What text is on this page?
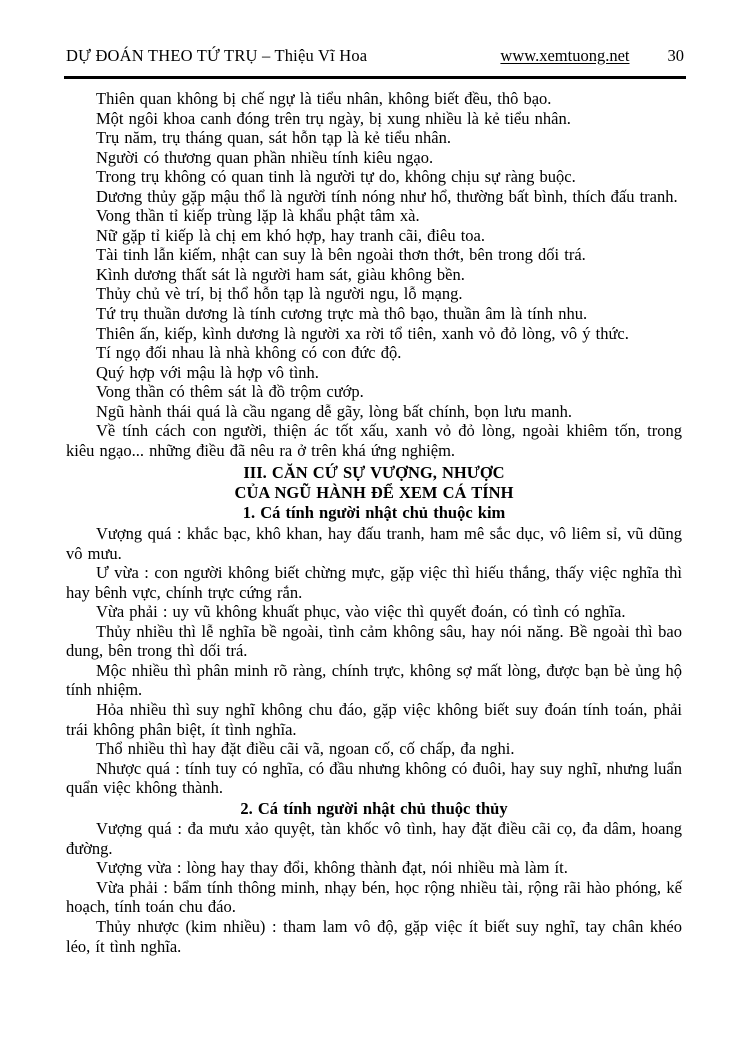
DỰ ĐOÁN THEO TỨ TRỤ – Thiệu Vĩ Hoa	www.xemtuong.net 30

Thiên quan không bị chế ngự là tiểu nhân, không biết đều, thô bạo.

Một ngôi khoa canh đóng trên trụ ngày, bị xung nhiều là kẻ tiểu nhân.

Trụ năm, trụ tháng quan, sát hỗn tạp là kẻ tiểu nhân.

Người có thương quan phần nhiều tính kiêu ngạo.

Trong trụ không có quan tinh là người tự do, không chịu sự ràng buộc.

Dương thủy gặp mậu thổ là người tính nóng như hổ, thường bất bình, thích đấu tranh.

Vong thần tỉ kiếp trùng lặp là khẩu phật tâm xà.

Nữ gặp tỉ kiếp là chị em khó hợp, hay tranh cãi, điêu toa.

Tài tinh lẫn kiếm, nhật can suy là bên ngoài thơn thớt, bên trong dối trá.

Kình dương thất sát là người ham sát, giàu không bền.

Thủy chủ vè trí, bị thổ hỗn tạp là người ngu, lỗ mạng.

Tứ trụ thuần dương là tính cương trực mà thô bạo, thuần âm là tính nhu.

Thiên ấn, kiếp, kình dương là người xa rời tổ tiên, xanh vỏ đỏ lòng, vô ý thức.

Tí ngọ đối nhau là nhà không có con đức độ.

Quý hợp với mậu là hợp vô tình.

Vong thần có thêm sát là đồ trộm cướp.

Ngũ hành thái quá là cầu ngang dễ gãy, lòng bất chính, bọn lưu manh.

Về tính cách con người, thiện ác tốt xấu, xanh vỏ đỏ lòng, ngoài khiêm tốn, trong kiêu ngạo... những điều đã nêu ra ở trên khá ứng nghiệm.

III. CĂN CỨ SỰ VƯỢNG, NHƯỢC

CỦA NGŨ HÀNH ĐỂ XEM CÁ TÍNH

1. Cá tính người nhật chủ thuộc kim

Vượng quá : khắc bạc, khô khan, hay đấu tranh, ham mê sắc dục, vô liêm sỉ, vũ dũng vô mưu.

Ư vừa : con người không biết chừng mực, gặp việc thì hiếu thắng, thấy việc nghĩa thì hay bênh vực, chính trực cứng rắn.

Vừa phải : uy vũ không khuất phục, vào việc thì quyết đoán, có tình có nghĩa.

Thủy nhiều thì lễ nghĩa bề ngoài, tình cảm không sâu, hay nói năng. Bề ngoài thì bao dung, bên trong thì dối trá.

Mộc nhiều thì phân minh rõ ràng, chính trực, không sợ mất lòng, được bạn bè ủng hộ tính nhiệm.

Hỏa nhiều thì suy nghĩ không chu đáo, gặp việc không biết suy đoán tính toán, phải trái không phân biệt, ít tình nghĩa.

Thổ nhiều thì hay đặt điều cãi vã, ngoan cố, cố chấp, đa nghi.

Nhược quá : tính tuy có nghĩa, có đầu nhưng không có đuôi, hay suy nghĩ, nhưng luẩn quẩn việc không thành.

2. Cá tính người nhật chủ thuộc thủy

Vượng quá : đa mưu xảo quyệt, tàn khốc vô tình, hay đặt điều cãi cọ, đa dâm, hoang đường.

Vượng vừa : lòng hay thay đổi, không thành đạt, nói nhiều mà làm ít.

Vừa phải : bẩm tính thông minh, nhạy bén, học rộng nhiều tài, rộng rãi hào phóng, kế hoạch, tính toán chu đáo.

Thủy nhược (kim nhiều) : tham lam vô độ, gặp việc ít biết suy nghĩ, tay chân khéo léo, ít tình nghĩa.
